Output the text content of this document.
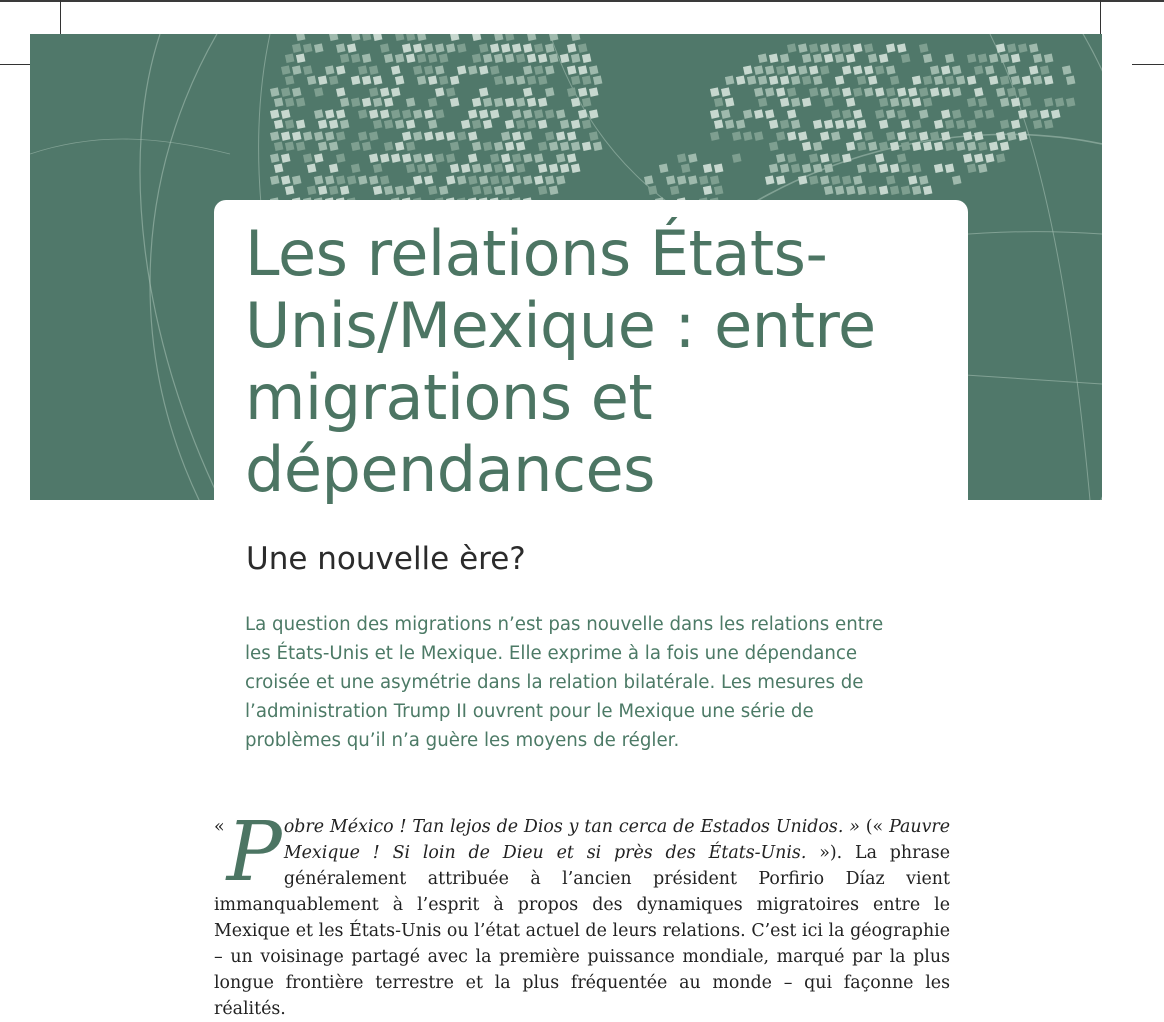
Les relations États-Unis/Mexique : entre migrations et dépendances
Une nouvelle ère?

La question des migrations n’est pas nouvelle dans les relations entre les États-Unis et le Mexique. Elle exprime à la fois une dépendance croisée et une asymétrie dans la relation bilatérale. Les mesures de l’administration Trump II ouvrent pour le Mexique une série de problèmes qu’il n’a guère les moyens de régler.

« P obre México ! Tan lejos de Dios y tan cerca de Estados Unidos. » (« Pauvre Mexique ! Si loin de Dieu et si près des États-Unis. »). La phrase généralement attribuée à l’ancien président Porfirio Díaz vient immanquablement à l’esprit à propos des dynamiques migratoires entre le Mexique et les États-Unis ou l’état actuel de leurs relations. C’est ici la géographie – un voisinage partagé avec la première puissance mondiale, marqué par la plus longue frontière terrestre et la plus fréquentée au monde – qui façonne les réalités.
